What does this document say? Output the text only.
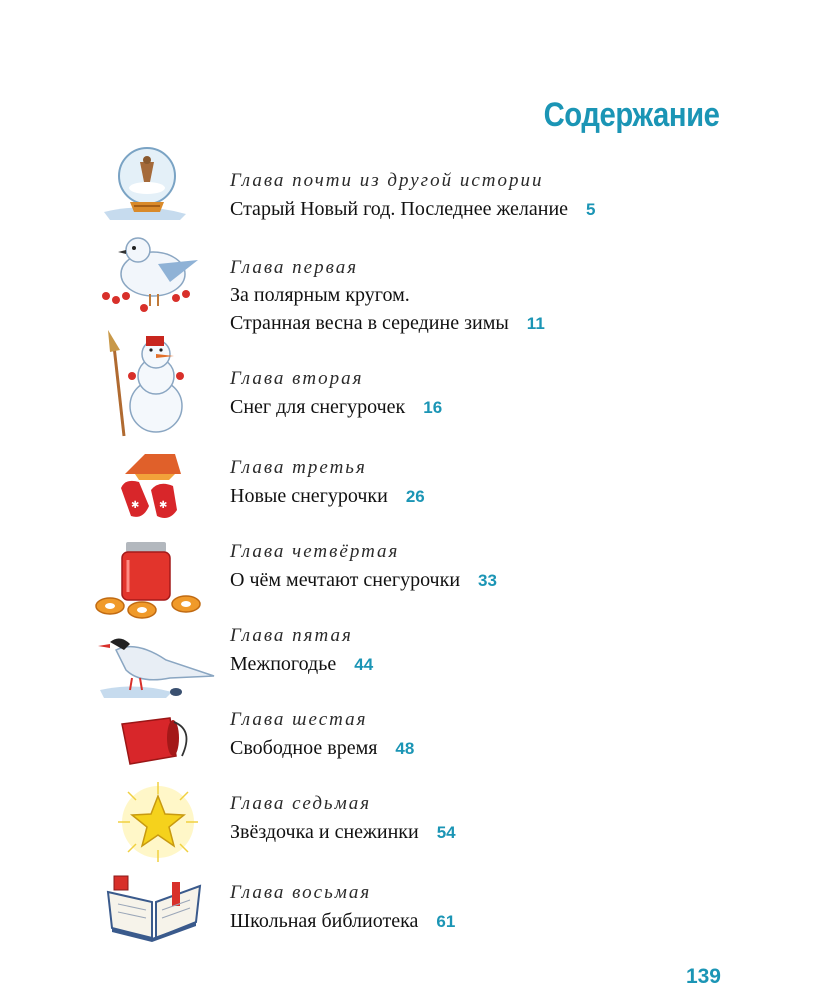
Содержание
Глава почти из другой истории
Старый Новый год. Последнее желание 5
Глава первая
За полярным кругом.
Странная весна в середине зимы 11
Глава вторая
Снег для снегурочек 16
✱ ✱
Глава третья
Новые снегурочки 26
Глава четвёртая
О чём мечтают снегурочки 33
Глава пятая
Межпогодье 44
Глава шестая
Свободное время 48
Глава седьмая
Звёздочка и снежинки 54
Глава восьмая
Школьная библиотека 61
139
